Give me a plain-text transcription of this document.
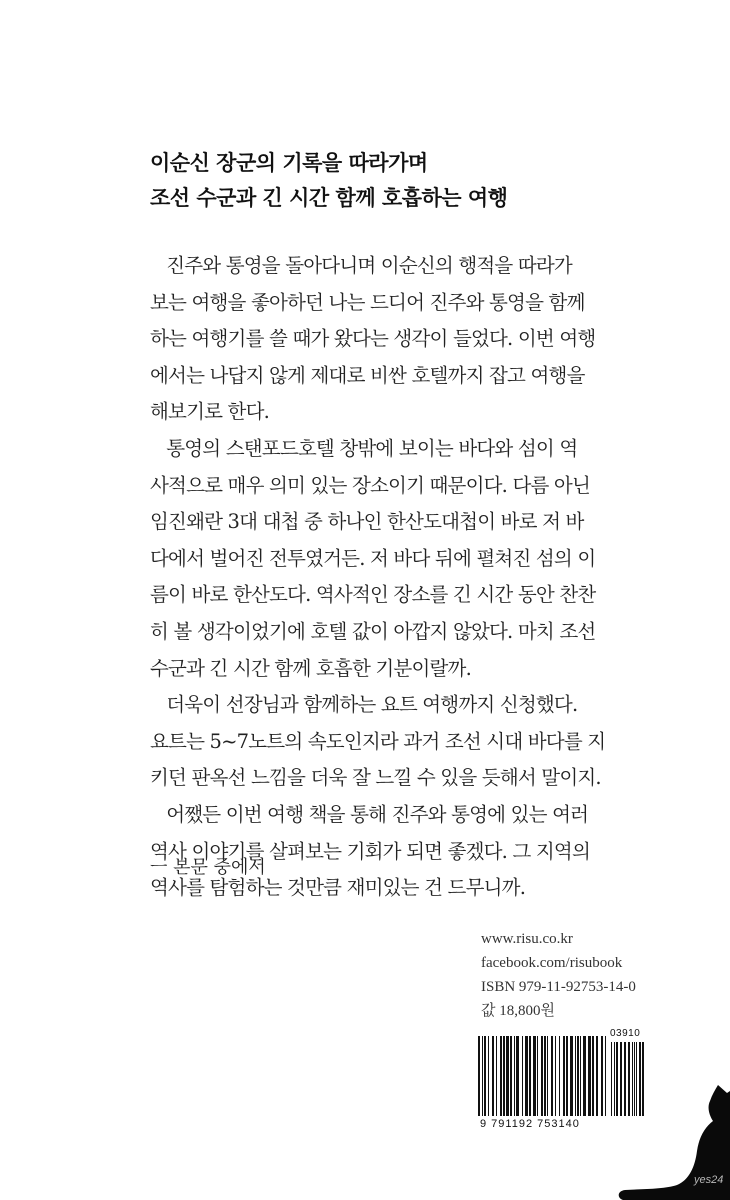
이순신 장군의 기록을 따라가며
조선 수군과 긴 시간 함께 호흡하는 여행

진주와 통영을 돌아다니며 이순신의 행적을 따라가
보는 여행을 좋아하던 나는 드디어 진주와 통영을 함께
하는 여행기를 쓸 때가 왔다는 생각이 들었다. 이번 여행
에서는 나답지 않게 제대로 비싼 호텔까지 잡고 여행을
해보기로 한다.

통영의 스탠포드호텔 창밖에 보이는 바다와 섬이 역
사적으로 매우 의미 있는 장소이기 때문이다. 다름 아닌
임진왜란 3대 대첩 중 하나인 한산도대첩이 바로 저 바
다에서 벌어진 전투였거든. 저 바다 뒤에 펼쳐진 섬의 이
름이 바로 한산도다. 역사적인 장소를 긴 시간 동안 찬찬
히 볼 생각이었기에 호텔 값이 아깝지 않았다. 마치 조선
수군과 긴 시간 함께 호흡한 기분이랄까.

더욱이 선장님과 함께하는 요트 여행까지 신청했다.
요트는 5~7노트의 속도인지라 과거 조선 시대 바다를 지
키던 판옥선 느낌을 더욱 잘 느낄 수 있을 듯해서 말이지.

어쨌든 이번 여행 책을 통해 진주와 통영에 있는 여러
역사 이야기를 살펴보는 기회가 되면 좋겠다. 그 지역의
역사를 탐험하는 것만큼 재미있는 건 드무니까.

ㅡ 본문 중에서
www.risu.co.kr
facebook.com/risubook
ISBN 979-11-92753-14-0
값 18,800원
03910
9 791192 753140
yes24
